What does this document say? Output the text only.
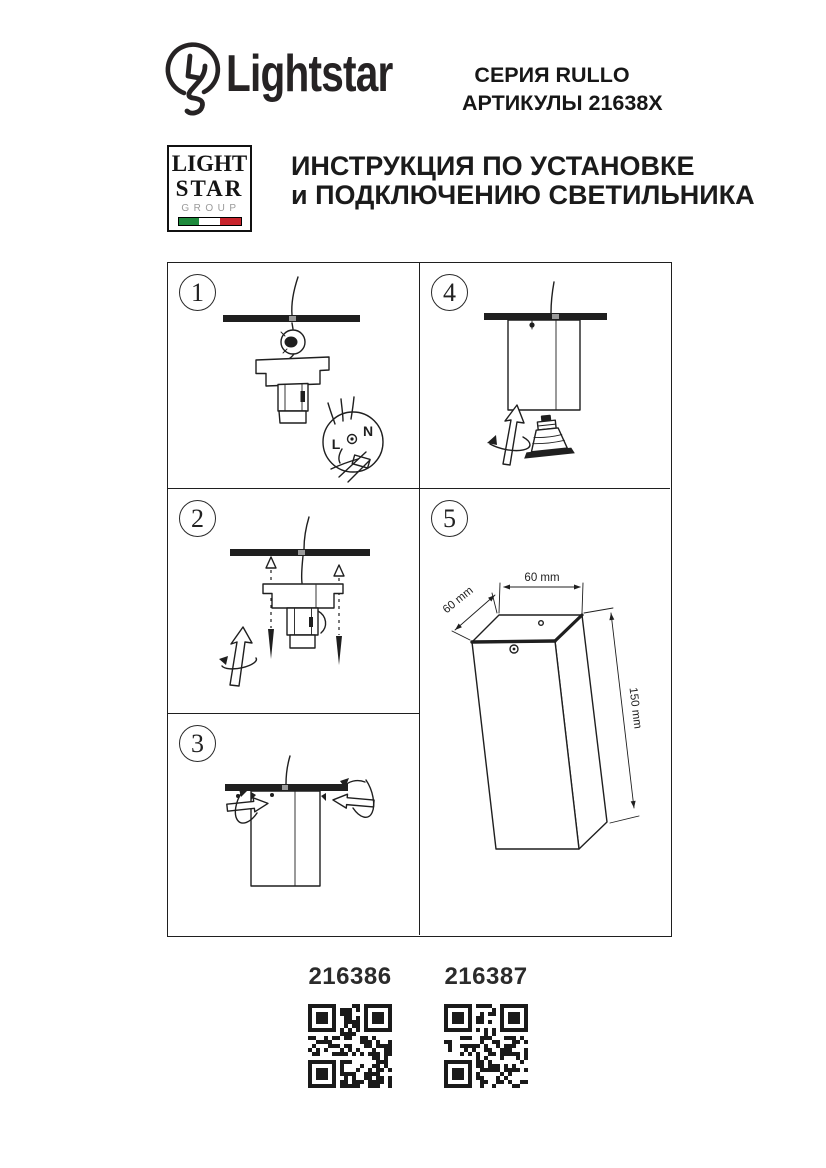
Lightstar	СЕРИЯ RULLO
АРТИКУЛЫ 21638X
LIGHT
STAR
GROUP
ИНСТРУКЦИЯ ПО УСТАНОВКЕ
и ПОДКЛЮЧЕНИЮ СВЕТИЛЬНИКА
L
N
1
2
3
4
60 mm
60 mm
150 mm
5
216386 216387
